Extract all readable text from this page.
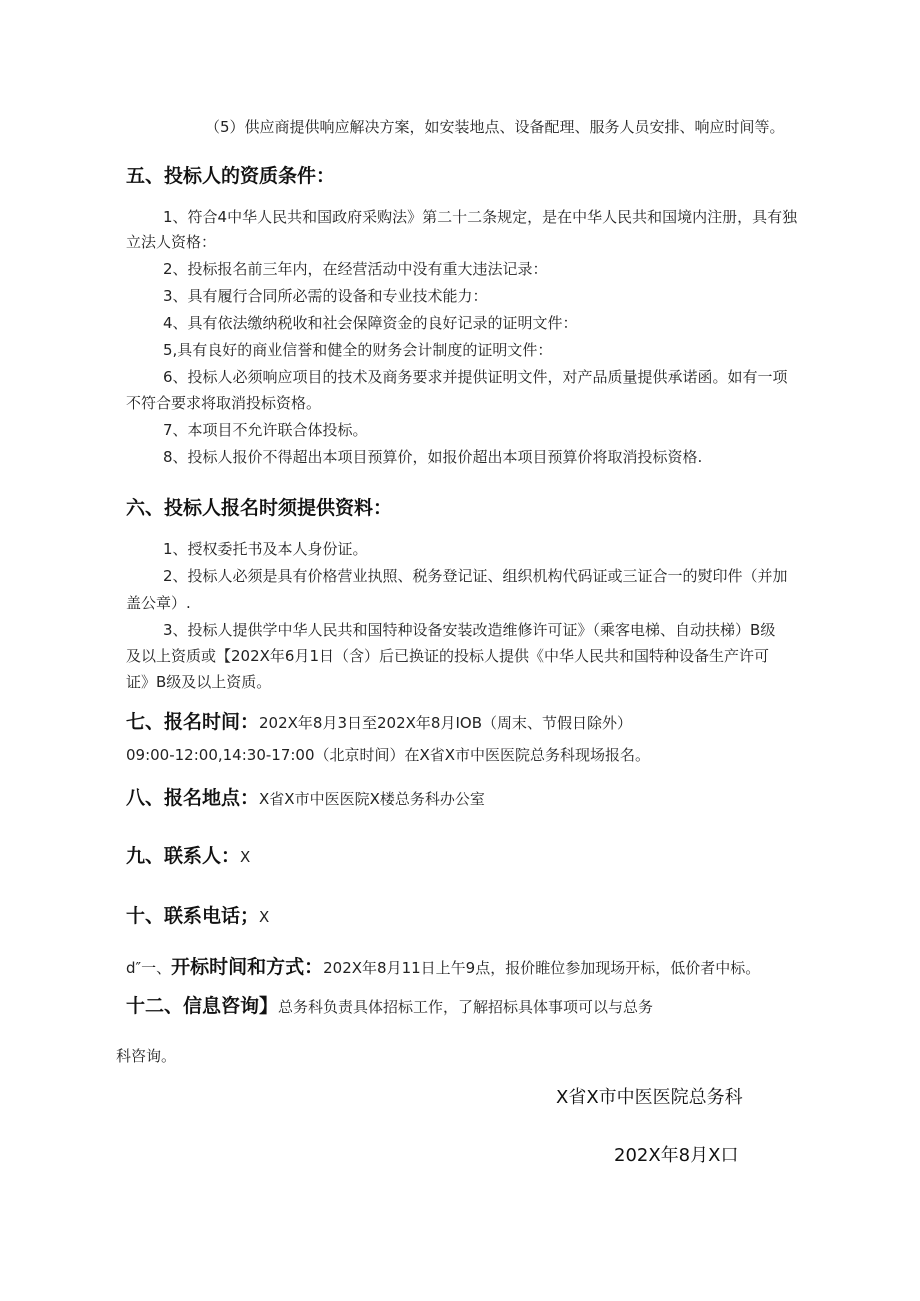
（5）供应商提供响应解决方案，如安装地点、设备配理、服务人员安排、响应时间等。
五、投标人的资质条件：
1、符合4中华人民共和国政府采购法》第二十二条规定，是在中华人民共和国境内注册，具有独
立法人资格：
2、投标报名前三年内，在经营活动中没有重大违法记录：
3、具有履行合同所必需的设备和专业技术能力：
4、具有依法缴纳税收和社会保障资金的良好记录的证明文件：
5,具有良好的商业信誉和健全的财务会计制度的证明文件：
6、投标人必须响应项目的技术及商务要求并提供证明文件，对产品质量提供承诺函。如有一项
不符合要求将取消投标资格。
7、本项目不允许联合体投标。
8、投标人报价不得超出本项目预算价，如报价超出本项目预算价将取消投标资格.
六、投标人报名时须提供资料：
1、授权委托书及本人身份证。
2、投标人必须是具有价格营业执照、税务登记证、组织机构代码证或三证合一的熨印件（并加
盖公章）.
3、投标人提供学中华人民共和国特种设备安装改造维修许可证》（乘客电梯、自动扶梯）B级
及以上资质或【202X年6月1日（含）后已换证的投标人提供《中华人民共和国特种设备生产许可
证》B级及以上资质。
七、报名时间：202X年8月3日至202X年8月IOB（周末、节假日除外）
09:00-12:00,14:30-17:00（北京时间）在X省X市中医医院总务科现场报名。
八、报名地点：X省X市中医医院X楼总务科办公室
九、联系人：X
十、联系电话；X
d″一、开标时间和方式：202X年8月11日上午9点，报价睢位参加现场开标，低价者中标。
十二、信息咨询】总务科负责具体招标工作，了解招标具体事项可以与总务
科咨询。
X省X市中医医院总务科
202X年8月X口
